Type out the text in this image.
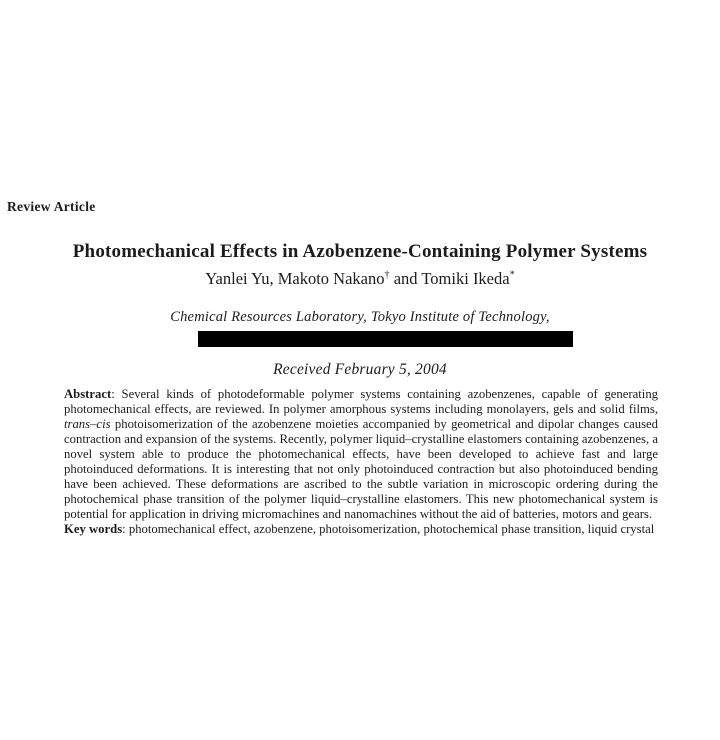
Review Article
Photomechanical Effects in Azobenzene-Containing Polymer Systems
Yanlei Yu, Makoto Nakano† and Tomiki Ikeda*
Chemical Resources Laboratory, Tokyo Institute of Technology,
Received February 5, 2004

Abstract: Several kinds of photodeformable polymer systems containing azobenzenes, capable of generating photomechanical effects, are reviewed. In polymer amorphous systems including monolayers, gels and solid films, trans–cis photoisomerization of the azobenzene moieties accompanied by geometrical and dipolar changes caused contraction and expansion of the systems. Recently, polymer liquid–crystalline elastomers containing azobenzenes, a novel system able to produce the photomechanical effects, have been developed to achieve fast and large photoinduced deformations. It is interesting that not only photoinduced contraction but also photoinduced bending have been achieved. These deformations are ascribed to the subtle variation in microscopic ordering during the photochemical phase transition of the polymer liquid–crystalline elastomers. This new photomechanical system is potential for application in driving micromachines and nanomachines without the aid of batteries, motors and gears.

Key words: photomechanical effect, azobenzene, photoisomerization, photochemical phase transition, liquid crystal
